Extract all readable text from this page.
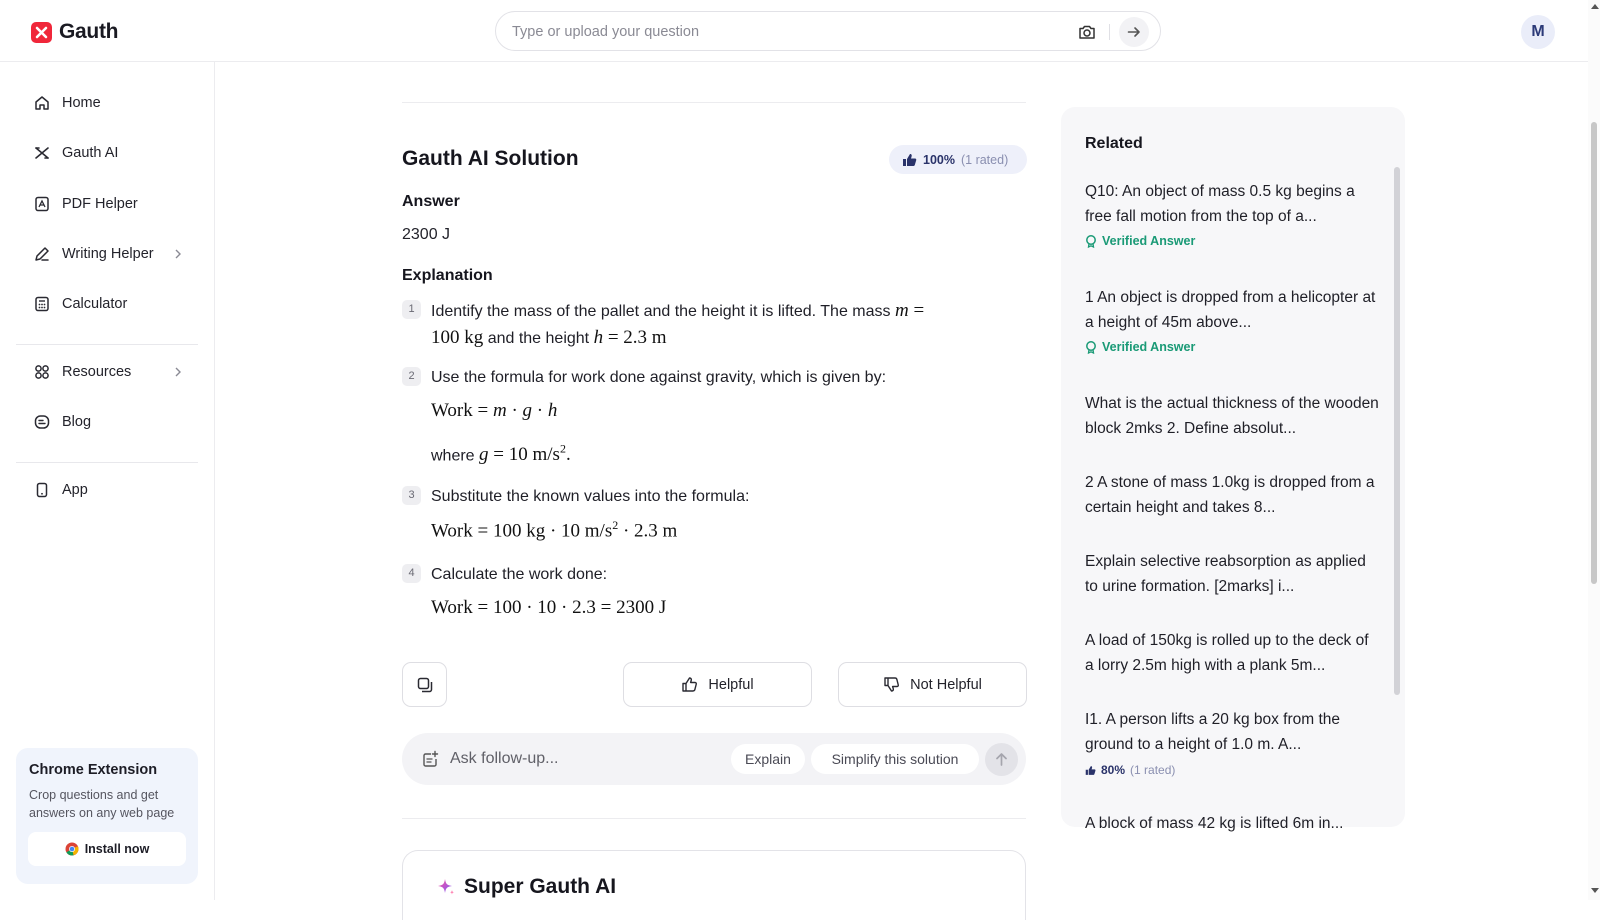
Gauth
Type or upload your question	M
Home
Gauth AI
PDF Helper
Writing Helper
Calculator
Resources
Blog
App
Chrome Extension
Crop questions and get answers on any web page
Install now
Gauth AI Solution	100% (1 rated)
Answer
2300 J
Explanation
1	Identify the mass of the pallet and the height it is lifted. The mass m =
100 kg and the height h = 2.3 m
2	Use the formula for work done against gravity, which is given by:
Work = m · g · h
where g = 10 $m/s^2$.
3	Substitute the known values into the formula:
Work = 100 kg · 10 $m/s^2 \cdot 2.3$ m
4	Calculate the work done:
Work = 100 · 10 · 2.3 = 2300 J
Helpful	Not Helpful
Ask follow-up...
Explain	Simplify this solution
Super Gauth AI
Related
Q10: An object of mass 0.5 kg begins a free fall motion from the top of a...
Verified Answer
1 An object is dropped from a helicopter at a height of 45m above...
Verified Answer
What is the actual thickness of the wooden block 2mks 2. Define absolut...
2 A stone of mass 1.0kg is dropped from a certain height and takes 8...
Explain selective reabsorption as applied to urine formation. [2marks] i...
A load of 150kg is rolled up to the deck of a lorry 2.5m high with a plank 5m...
I1. A person lifts a 20 kg box from the ground to a height of 1.0 m. A...
80% (1 rated)
A block of mass 42 kg is lifted 6m in...
